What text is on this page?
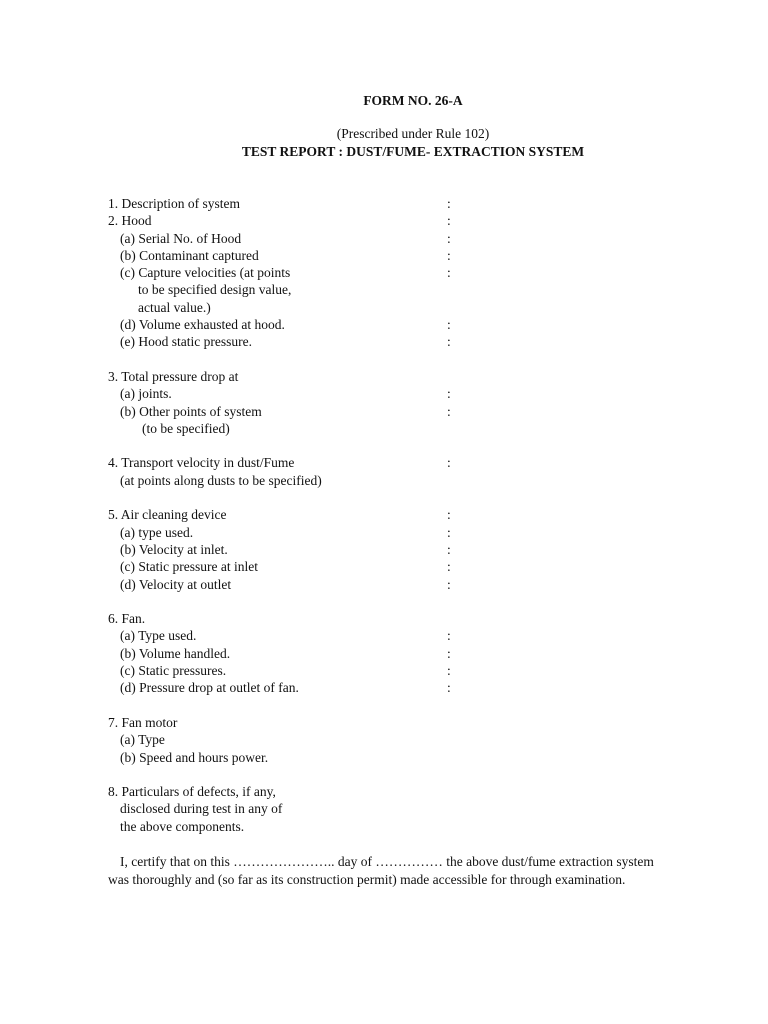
FORM NO. 26-A
(Prescribed under Rule 102)
TEST REPORT : DUST/FUME- EXTRACTION SYSTEM
1. Description of system	:
2. Hood	:
(a) Serial No. of Hood	:
(b) Contaminant captured	:
(c) Capture velocities (at points	:
to be specified design value,
actual value.)
(d) Volume exhausted at hood.	:
(e) Hood static pressure.	:
3. Total pressure drop at
(a) joints.	:
(b) Other points of system	:
(to be specified)
4. Transport velocity in dust/Fume	:
(at points along dusts to be specified)
5. Air cleaning device	:
(a) type used.	:
(b) Velocity at inlet.	:
(c) Static pressure at inlet	:
(d) Velocity at outlet	:
6. Fan.
(a) Type used.	:
(b) Volume handled.	:
(c) Static pressures.	:
(d) Pressure drop at outlet of fan.	:
7. Fan motor
(a) Type
(b) Speed and hours power.
8. Particulars of defects, if any,
disclosed during test in any of
the above components.
I, certify that on this ………………….. day of …………… the above dust/fume extraction system
was thoroughly and (so far as its construction permit) made accessible for through examination.
